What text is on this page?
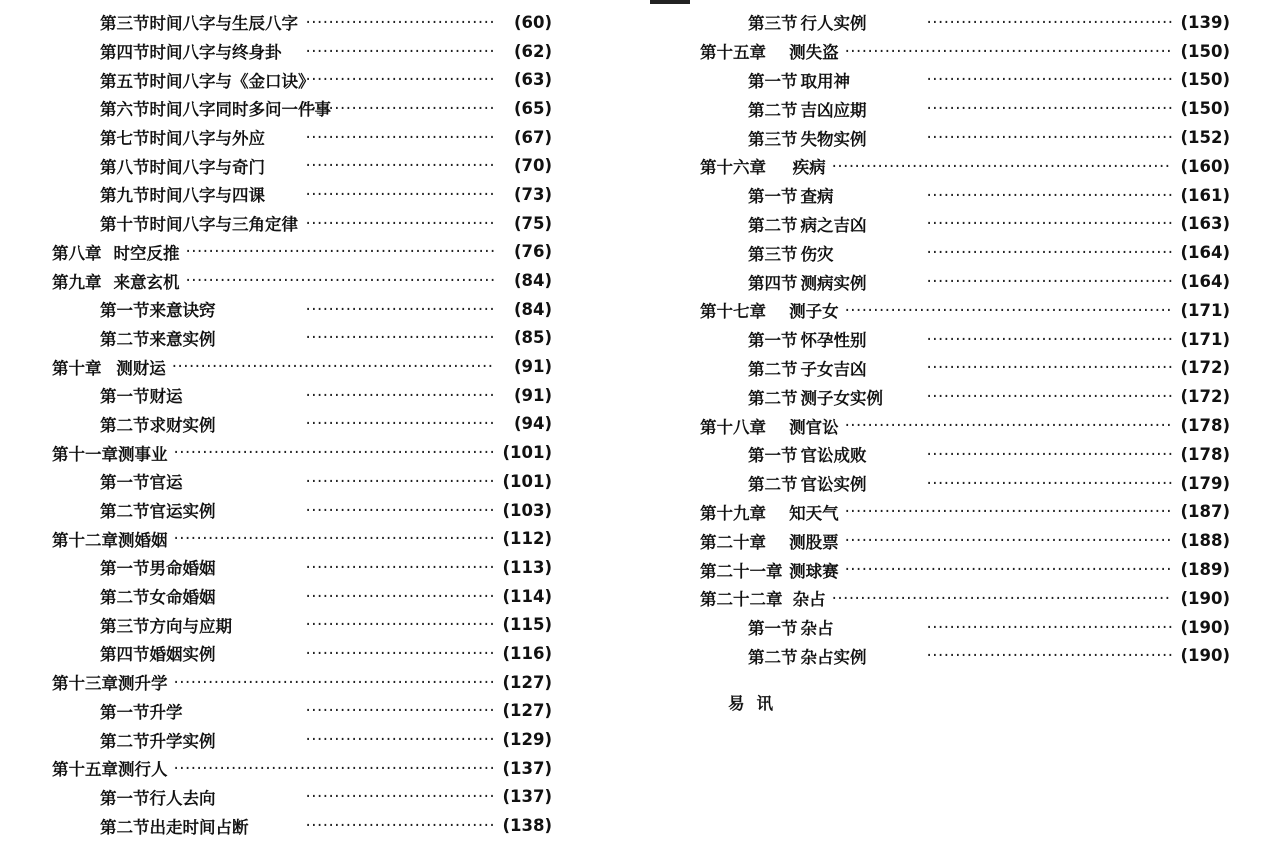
第三节 时间八字与生辰八字 ·····	(60)
第四节 时间八字与终身卦 ·····	(62)
第五节 时间八字与《金口诀》 ·····	(63)
第六节 时间八字同时多问一件事 ·····	(65)
第七节 时间八字与外应 ·····	(67)
第八节 时间八字与奇门 ·····	(70)
第九节 时间八字与四课 ·····	(73)
第十节 时间八字与三角定律 ·····	(75)
第八章 时空反推 ·····	(76)
第九章 来意玄机 ·····	(84)
第一节 来意诀窍 ·····	(84)
第二节 来意实例 ·····	(85)
第十章 测财运 ·····	(91)
第一节 财运 ·····	(91)
第二节 求财实例 ·····	(94)
第十一章 测事业 ·····	(101)
第一节 官运 ·····	(101)
第二节 官运实例 ·····	(103)
第十二章 测婚姻 ·····	(112)
第一节 男命婚姻 ·····	(113)
第二节 女命婚姻 ·····	(114)
第三节 方向与应期 ·····	(115)
第四节 婚姻实例 ·····	(116)
第十三章 测升学 ·····	(127)
第一节 升学 ·····	(127)
第二节 升学实例 ·····	(129)
第十五章 测行人 ·····	(137)
第一节 行人去向 ·····	(137)
第二节 出走时间占断 ·····	(138)
第三节 行人实例 ·····	(139)
第十五章	测失盗 ·····	(150)
第一节 取用神 ·····	(150)
第二节 吉凶应期 ·····	(150)
第三节 失物实例 ·····	(152)
第十六章	疾病 ·····	(160)
第一节 查病 ·····	(161)
第二节 病之吉凶 ·····	(163)
第三节 伤灾 ·····	(164)
第四节 测病实例 ·····	(164)
第十七章	测子女 ·····	(171)
第一节 怀孕性别 ·····	(171)
第二节 子女吉凶 ·····	(172)
第二节 测子女实例 ·····	(172)
第十八章	测官讼 ·····	(178)
第一节 官讼成败 ·····	(178)
第二节 官讼实例 ·····	(179)
第十九章	知天气 ·····	(187)
第二十章	测股票 ·····	(188)
第二十一章 测球赛 ·····	(189)
第二十二章 杂占 ·····	(190)
第一节 杂占 ·····	(190)
第二节 杂占实例 ·····	(190)
易讯
